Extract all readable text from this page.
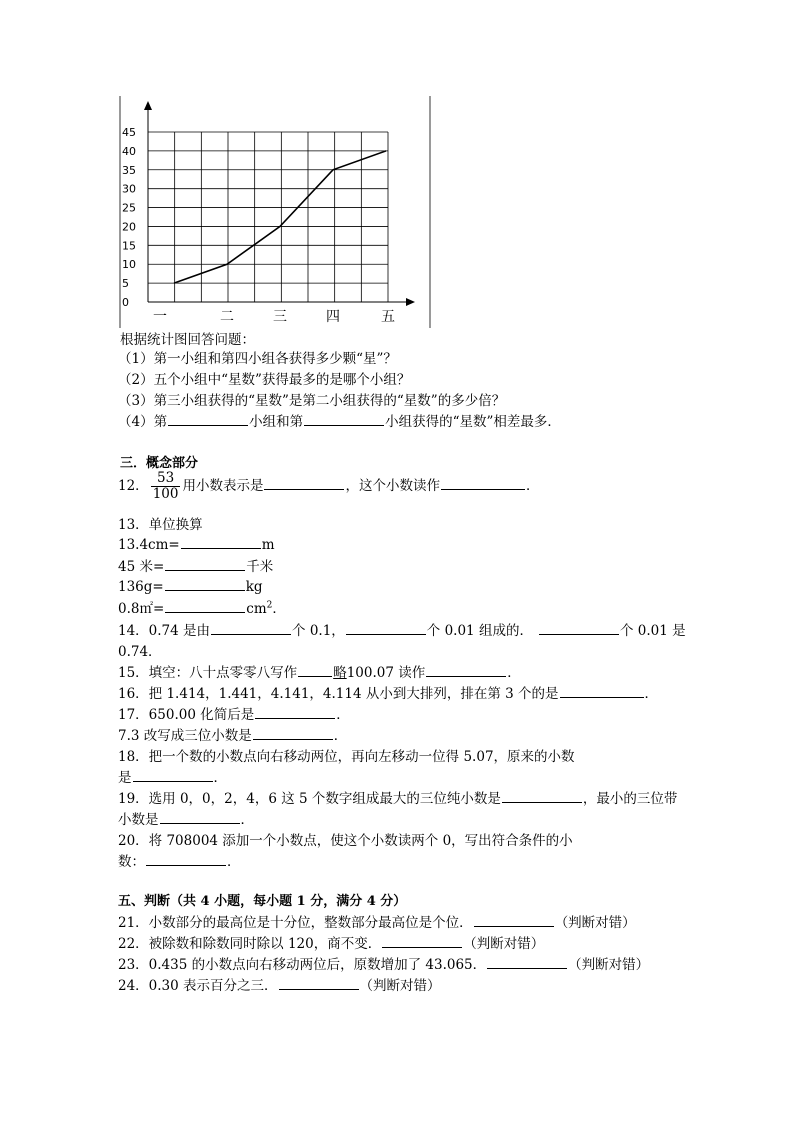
0
5
10
15
20
25
30
35
40
45
一	二	三	四	五
根据统计图回答问题：
（1）第一小组和第四小组各获得多少颗“星”？
（2）五个小组中“星数”获得最多的是哪个小组？
（3）第三小组获得的“星数”是第二小组获得的“星数”的多少倍？
（4）第	小组和第	小组获得的“星数”相差最多．
三．概念部分
12． $\frac{53}{100}$ 用小数表示是	，这个小数读作	．
13．单位换算
13.4cm=	m
45 米=	千米
136g=	kg
0.8㎡=	$cm^2$．
14．0.74 是由	个 0.1，	个 0.01 组成的．	个 0.01 是
0.74．
15．填空：八十点零零八写作	略100.07 读作	．
16．把 1.414，1.441，4.141，4.114 从小到大排列，排在第 3 个的是	．
17．650.00 化简后是	．
7.3 改写成三位小数是	．
18．把一个数的小数点向右移动两位，再向左移动一位得 5.07，原来的小数
是	．
19．选用 0，0，2，4，6 这 5 个数字组成最大的三位纯小数是	，最小的三位带
小数是	．
20．将 708004 添加一个小数点，使这个小数读两个 0，写出符合条件的小
数：	．
五、判断（共 4 小题，每小题 1 分，满分 4 分）
21．小数部分的最高位是十分位，整数部分最高位是个位．	（判断对错）
22．被除数和除数同时除以 120，商不变．	（判断对错）
23．0.435 的小数点向右移动两位后，原数增加了 43.065．	（判断对错）
24．0.30 表示百分之三．	（判断对错）
